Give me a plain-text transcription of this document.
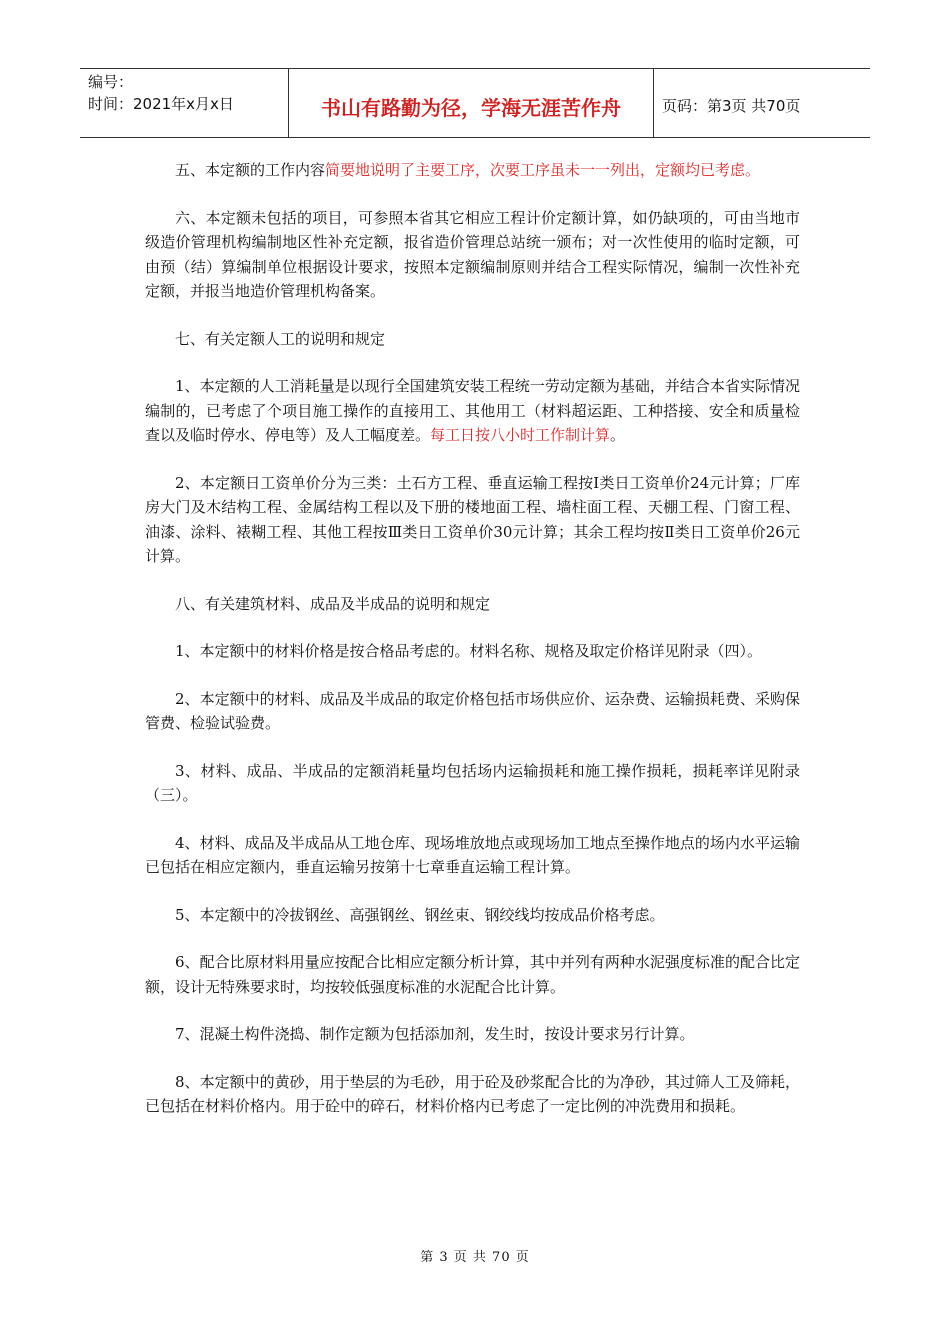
编号：
时间：2021年x月x日	书山有路勤为径，学海无涯苦作舟	页码：第3页 共70页

五、本定额的工作内容简要地说明了主要工序，次要工序虽未一一列出，定额均已考虑。

六、本定额未包括的项目，可参照本省其它相应工程计价定额计算，如仍缺项的，可由当地市级造价管理机构编制地区性补充定额，报省造价管理总站统一颁布；对一次性使用的临时定额，可由预（结）算编制单位根据设计要求，按照本定额编制原则并结合工程实际情况，编制一次性补充定额，并报当地造价管理机构备案。

七、有关定额人工的说明和规定

1、本定额的人工消耗量是以现行全国建筑安装工程统一劳动定额为基础，并结合本省实际情况编制的，已考虑了个项目施工操作的直接用工、其他用工（材料超运距、工种搭接、安全和质量检查以及临时停水、停电等）及人工幅度差。每工日按八小时工作制计算。

2、本定额日工资单价分为三类：土石方工程、垂直运输工程按Ⅰ类日工资单价24元计算；厂库房大门及木结构工程、金属结构工程以及下册的楼地面工程、墙柱面工程、天棚工程、门窗工程、油漆、涂料、裱糊工程、其他工程按Ⅲ类日工资单价30元计算；其余工程均按Ⅱ类日工资单价26元计算。

八、有关建筑材料、成品及半成品的说明和规定

1、本定额中的材料价格是按合格品考虑的。材料名称、规格及取定价格详见附录（四）。

2、本定额中的材料、成品及半成品的取定价格包括市场供应价、运杂费、运输损耗费、采购保管费、检验试验费。

3、材料、成品、半成品的定额消耗量均包括场内运输损耗和施工操作损耗，损耗率详见附录（三）。

4、材料、成品及半成品从工地仓库、现场堆放地点或现场加工地点至操作地点的场内水平运输已包括在相应定额内，垂直运输另按第十七章垂直运输工程计算。

5、本定额中的冷拔钢丝、高强钢丝、钢丝束、钢绞线均按成品价格考虑。

6、配合比原材料用量应按配合比相应定额分析计算，其中并列有两种水泥强度标准的配合比定额，设计无特殊要求时，均按较低强度标准的水泥配合比计算。

7、混凝土构件浇捣、制作定额为包括添加剂，发生时，按设计要求另行计算。

8、本定额中的黄砂，用于垫层的为毛砂，用于砼及砂浆配合比的为净砂，其过筛人工及筛耗，已包括在材料价格内。用于砼中的碎石，材料价格内已考虑了一定比例的冲洗费用和损耗。

第 3 页 共 70 页
